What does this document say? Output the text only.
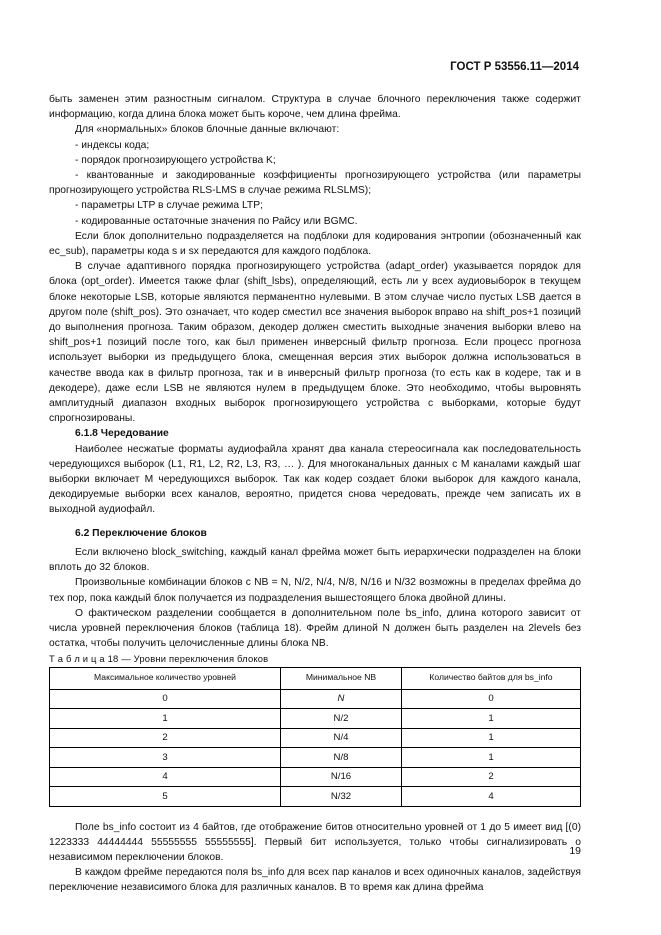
ГОСТ Р 53556.11—2014

быть заменен этим разностным сигналом. Структура в случае блочного переключения также содержит информацию, когда длина блока может быть короче, чем длина фрейма.

Для «нормальных» блоков блочные данные включают:

- индексы кода;

- порядок прогнозирующего устройства K;

- квантованные и закодированные коэффициенты прогнозирующего устройства (или параметры прогнозирующего устройства RLS-LMS в случае режима RLSLMS);

- параметры LTP в случае режима LTP;

- кодированные остаточные значения по Райсу или BGMC.

Если блок дополнительно подразделяется на подблоки для кодирования энтропии (обозначенный как ec_sub), параметры кода s и sx передаются для каждого подблока.

В случае адаптивного порядка прогнозирующего устройства (adapt_order) указывается порядок для блока (opt_order). Имеется также флаг (shift_lsbs), определяющий, есть ли у всех аудиовыборок в текущем блоке некоторые LSB, которые являются перманентно нулевыми. В этом случае число пустых LSB дается в другом поле (shift_pos). Это означает, что кодер сместил все значения выборок вправо на shift_pos+1 позиций до выполнения прогноза. Таким образом, декодер должен сместить выходные значения выборки влево на shift_pos+1 позиций после того, как был применен инверсный фильтр прогноза. Если процесс прогноза использует выборки из предыдущего блока, смещенная версия этих выборок должна использоваться в качестве ввода как в фильтр прогноза, так и в инверсный фильтр прогноза (то есть как в кодере, так и в декодере), даже если LSB не являются нулем в предыдущем блоке. Это необходимо, чтобы выровнять амплитудный диапазон входных выборок прогнозирующего устройства с выборками, которые будут спрогнозированы.

6.1.8 Чередование

Наиболее несжатые форматы аудиофайла хранят два канала стереосигнала как последовательность чередующихся выборок (L1, R1, L2, R2, L3, R3, … ). Для многоканальных данных с M каналами каждый шаг выборки включает M чередующихся выборок. Так как кодер создает блоки выборок для каждого канала, декодируемые выборки всех каналов, вероятно, придется снова чередовать, прежде чем записать их в выходной аудиофайл.

6.2 Переключение блоков

Если включено block_switching, каждый канал фрейма может быть иерархически подразделен на блоки вплоть до 32 блоков.

Произвольные комбинации блоков с NB = N, N/2, N/4, N/8, N/16 и N/32 возможны в пределах фрейма до тех пор, пока каждый блок получается из подразделения вышестоящего блока двойной длины.

О фактическом разделении сообщается в дополнительном поле bs_info, длина которого зависит от числа уровней переключения блоков (таблица 18). Фрейм длиной N должен быть разделен на 2levels без остатка, чтобы получить целочисленные длины блока NB.

Т а б л и ц а 18 — Уровни переключения блоков

Максимальное количество уровней	Минимальное NB	Количество байтов для bs_info
0	N	0
1	N/2	1
2	N/4	1
3	N/8	1
4	N/16	2
5	N/32	4

Поле bs_info состоит из 4 байтов, где отображение битов относительно уровней от 1 до 5 имеет вид [(0) 1223333 44444444 55555555 55555555]. Первый бит используется, только чтобы сигнализировать о независимом переключении блоков.

В каждом фрейме передаются поля bs_info для всех пар каналов и всех одиночных каналов, задействуя переключение независимого блока для различных каналов. В то время как длина фрейма

19
